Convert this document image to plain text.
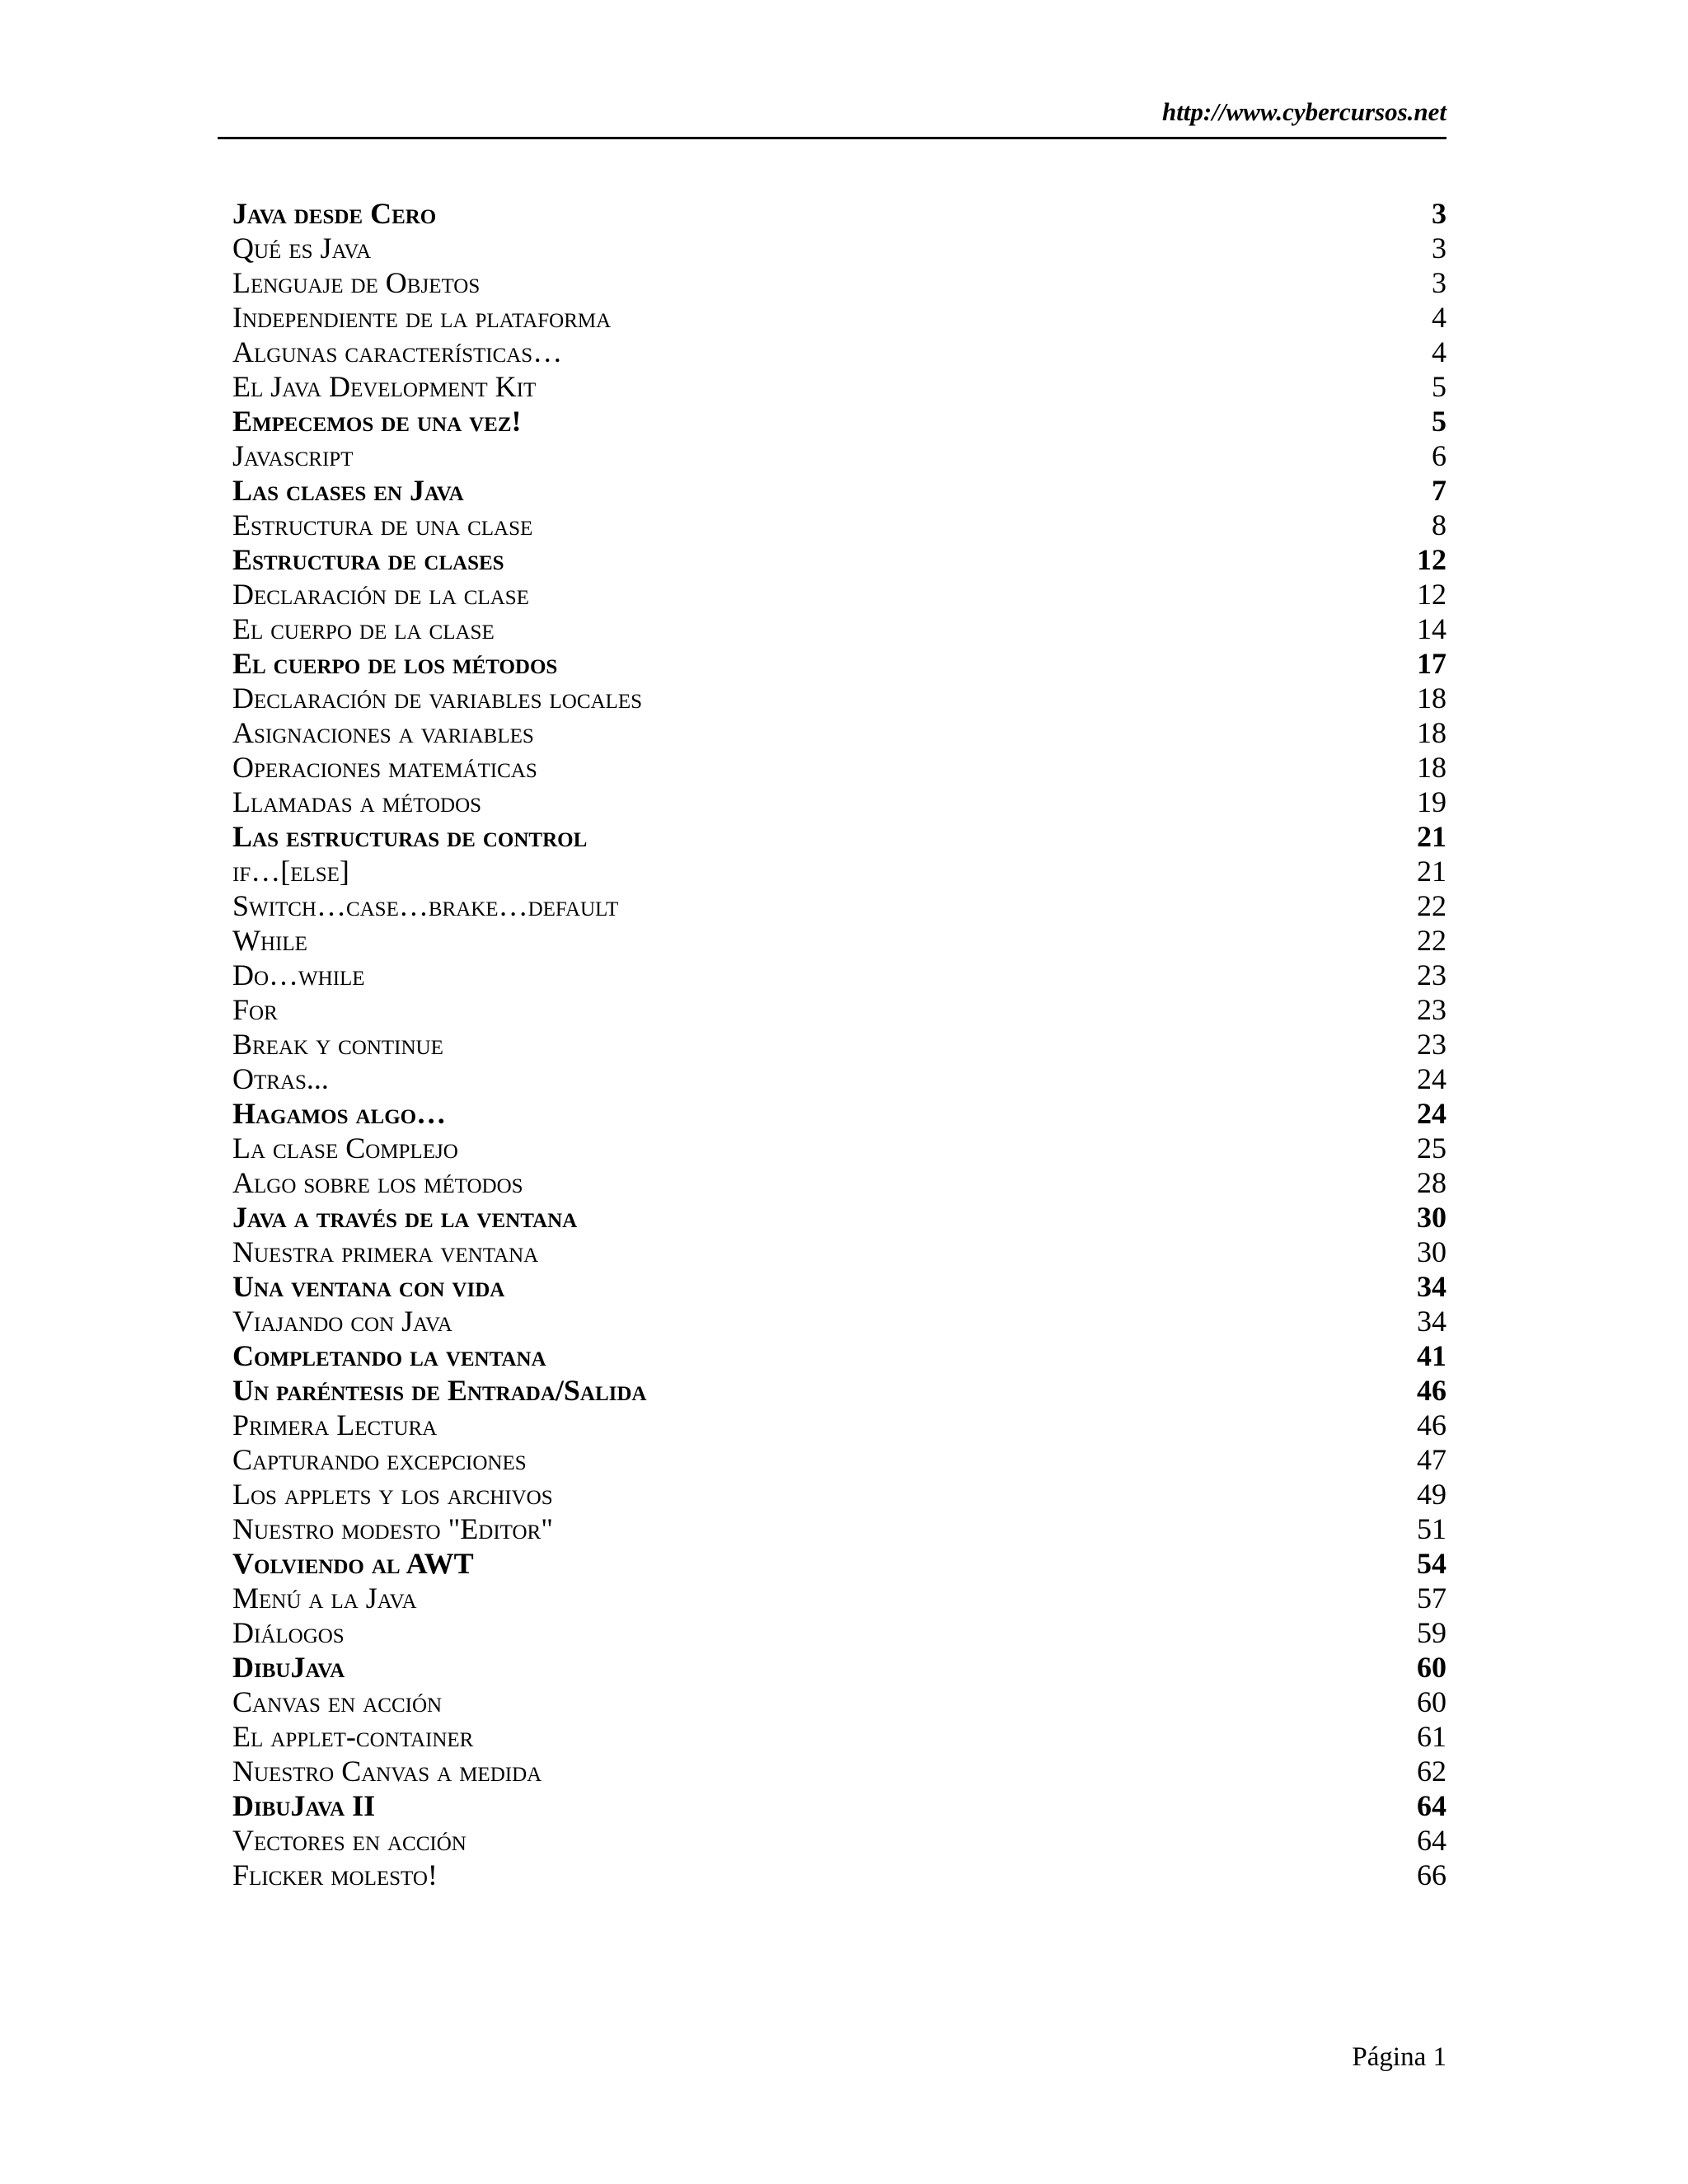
http://www.cybercursos.net
Java desde Cero	3
Qué es Java	3
Lenguaje de Objetos	3
Independiente de la plataforma	4
Algunas características…	4
El Java Development Kit	5
Empecemos de una vez!	5
Javascript	6
Las clases en Java	7
Estructura de una clase	8
Estructura de clases	12
Declaración de la clase	12
El cuerpo de la clase	14
El cuerpo de los métodos	17
Declaración de variables locales	18
Asignaciones a variables	18
Operaciones matemáticas	18
Llamadas a métodos	19
Las estructuras de control	21
if…[else]	21
Switch…case…brake…default	22
While	22
Do…while	23
For	23
Break y continue	23
Otras...	24
Hagamos algo…	24
La clase Complejo	25
Algo sobre los métodos	28
Java a través de la ventana	30
Nuestra primera ventana	30
Una ventana con vida	34
Viajando con Java	34
Completando la ventana	41
Un paréntesis de Entrada/Salida	46
Primera Lectura	46
Capturando excepciones	47
Los applets y los archivos	49
Nuestro modesto "Editor"	51
Volviendo al AWT	54
Menú a la Java	57
Diálogos	59
DibuJava	60
Canvas en acción	60
El applet-container	61
Nuestro Canvas a medida	62
DibuJava II	64
Vectores en acción	64
Flicker molesto!	66
Página 1
